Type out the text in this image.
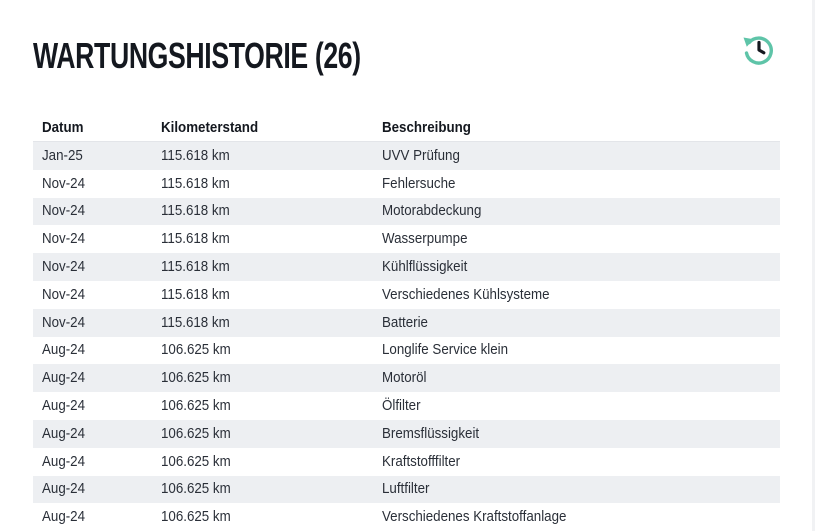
WARTUNGSHISTORIE (26)
Datum	Kilometerstand	Beschreibung
Jan-25	115.618 km	UVV Prüfung
Nov-24	115.618 km	Fehlersuche
Nov-24	115.618 km	Motorabdeckung
Nov-24	115.618 km	Wasserpumpe
Nov-24	115.618 km	Kühlflüssigkeit
Nov-24	115.618 km	Verschiedenes Kühlsysteme
Nov-24	115.618 km	Batterie
Aug-24	106.625 km	Longlife Service klein
Aug-24	106.625 km	Motoröl
Aug-24	106.625 km	Ölfilter
Aug-24	106.625 km	Bremsflüssigkeit
Aug-24	106.625 km	Kraftstofffilter
Aug-24	106.625 km	Luftfilter
Aug-24	106.625 km	Verschiedenes Kraftstoffanlage
